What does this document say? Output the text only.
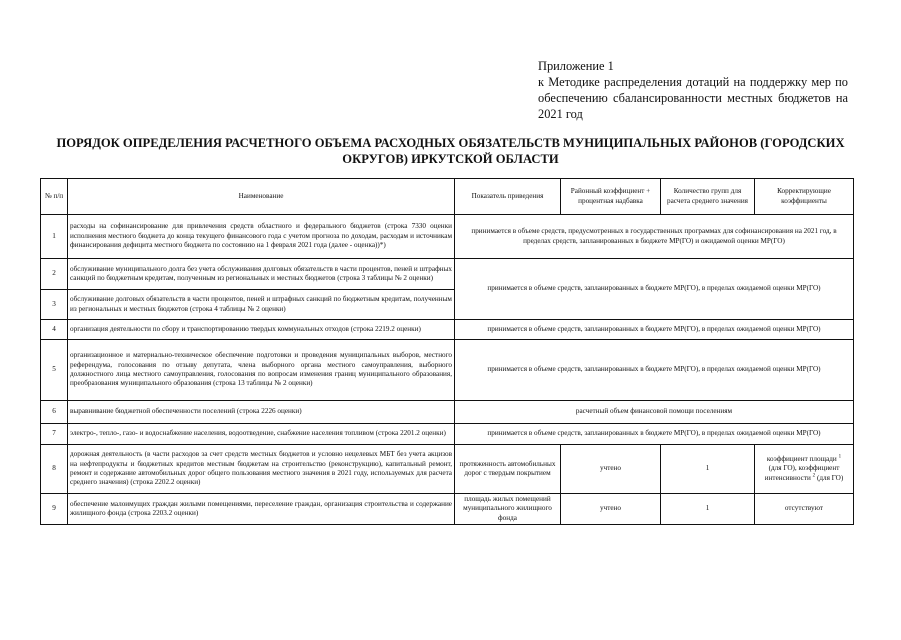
Приложение 1
к Методике распределения дотаций на поддержку мер по обеспечению сбалансированности местных бюджетов на 2021 год
ПОРЯДОК ОПРЕДЕЛЕНИЯ РАСЧЕТНОГО ОБЪЕМА РАСХОДНЫХ ОБЯЗАТЕЛЬСТВ МУНИЦИПАЛЬНЫХ РАЙОНОВ (ГОРОДСКИХ ОКРУГОВ) ИРКУТСКОЙ ОБЛАСТИ
№ п/п	Наименование	Показатель приведения	Районный коэффициент + процентная надбавка	Количество групп для расчета среднего значения	Корректирующие коэффициенты
1	расходы на софинансирование для привлечения средств областного и федерального бюджетов (строка 7330 оценки исполнения местного бюджета до конца текущего финансового года с учетом прогноза по доходам, расходам и источникам финансирования дефицита местного бюджета по состоянию на 1 февраля 2021 года (далее - оценка))*)	принимается в объеме средств, предусмотренных в государственных программах для софинансирования на 2021 год, в пределах средств, запланированных в бюджете МР(ГО) и ожидаемой оценки МР(ГО)			
2	обслуживание муниципального долга без учета обслуживания долговых обязательств в части процентов, пеней и штрафных санкций по бюджетным кредитам, полученным из региональных и местных бюджетов (строка 3 таблицы № 2 оценки)	принимается в объеме средств, запланированных в бюджете МР(ГО), в пределах ожидаемой оценки МР(ГО)			
3	обслуживание долговых обязательств в части процентов, пеней и штрафных санкций по бюджетным кредитам, полученным из региональных и местных бюджетов (строка 4 таблицы № 2 оценки)				
4	организация деятельности по сбору и транспортированию твердых коммунальных отходов (строка 2219.2 оценки)	принимается в объеме средств, запланированных в бюджете МР(ГО), в пределах ожидаемой оценки МР(ГО)			
5	организационное и материально-техническое обеспечение подготовки и проведения муниципальных выборов, местного референдума, голосования по отзыву депутата, члена выборного органа местного самоуправления, выборного должностного лица местного самоуправления, голосования по вопросам изменения границ муниципального образования, преобразования муниципального образования (строка 13 таблицы № 2 оценки)	принимается в объеме средств, запланированных в бюджете МР(ГО), в пределах ожидаемой оценки МР(ГО)			
6	выравнивание бюджетной обеспеченности поселений (строка 2226 оценки)	расчетный объем финансовой помощи поселениям			
7	электро-, тепло-, газо- и водоснабжение населения, водоотведение, снабжение населения топливом (строка 2201.2 оценки)	принимается в объеме средств, запланированных в бюджете МР(ГО), в пределах ожидаемой оценки МР(ГО)			
8	дорожная деятельность (в части расходов за счет средств местных бюджетов и условно нецелевых МБТ без учета акцизов на нефтепродукты и бюджетных кредитов местным бюджетам на строительство (реконструкцию), капитальный ремонт, ремонт и содержание автомобильных дорог общего пользования местного значения в 2021 году, используемых для расчета среднего значения) (строка 2202.2 оценки)	протяженность автомобильных дорог с твердым покрытием	учтено	1	коэффициент площади $^1$
(для ГО), коэффициент интенсивности $^2$ (для ГО)
9	обеспечение малоимущих граждан жилыми помещениями, переселение граждан, организация строительства и содержание жилищного фонда (строка 2203.2 оценки)	площадь жилых помещений муниципального жилищного фонда	учтено	1	отсутствуют
